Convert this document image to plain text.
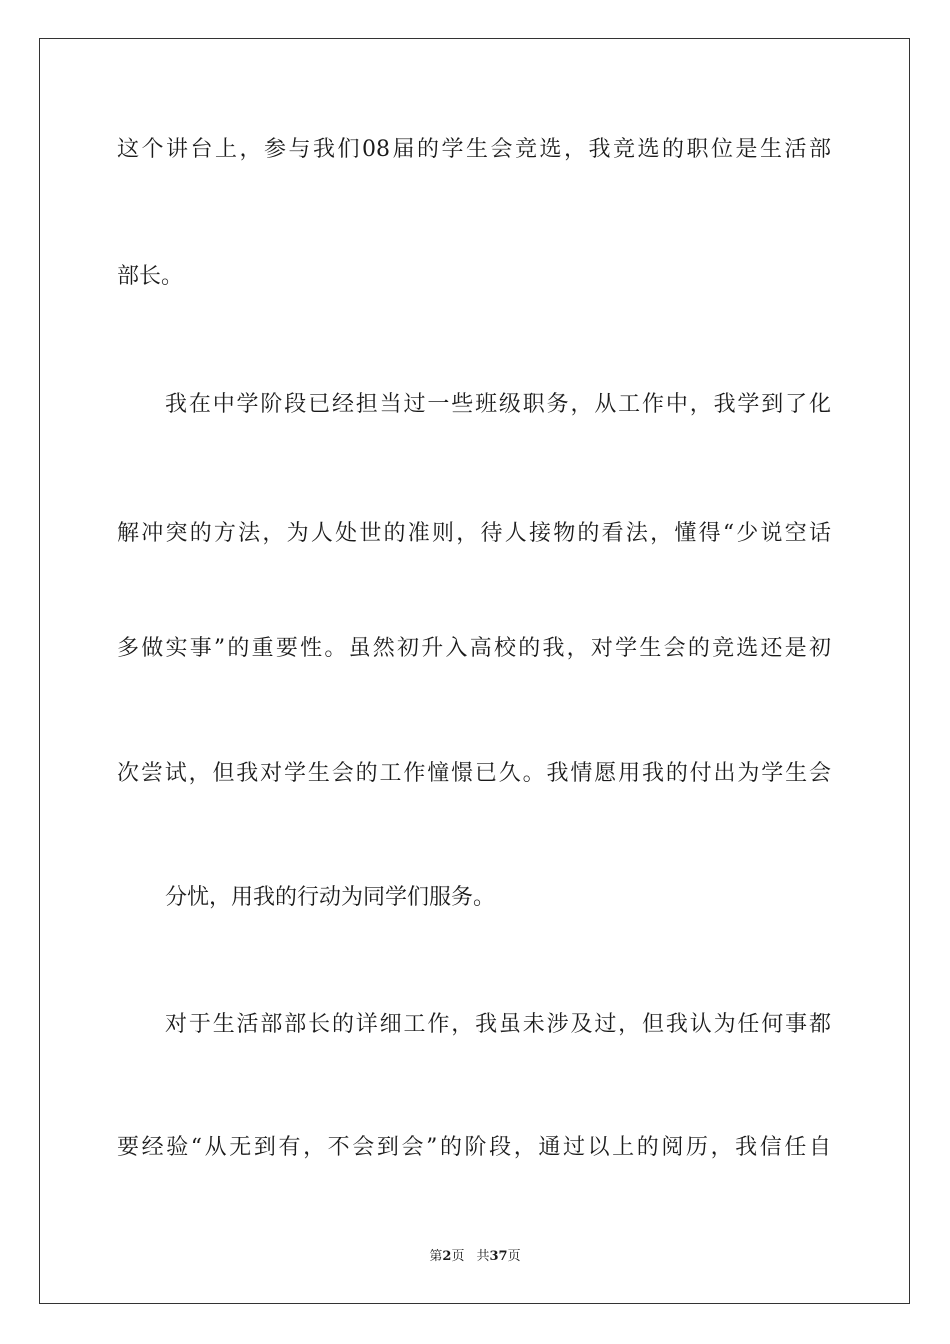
这个讲台上，参与我们08届的学生会竞选，我竞选的职位是生活部
部长。
我在中学阶段已经担当过一些班级职务，从工作中，我学到了化
解冲突的方法，为人处世的准则，待人接物的看法，懂得“少说空话
多做实事”的重要性。虽然初升入高校的我，对学生会的竞选还是初
次尝试，但我对学生会的工作憧憬已久。我情愿用我的付出为学生会
分忧，用我的行动为同学们服务。
对于生活部部长的详细工作，我虽未涉及过，但我认为任何事都
要经验“从无到有，不会到会”的阶段，通过以上的阅历，我信任自
第2页 共37页
